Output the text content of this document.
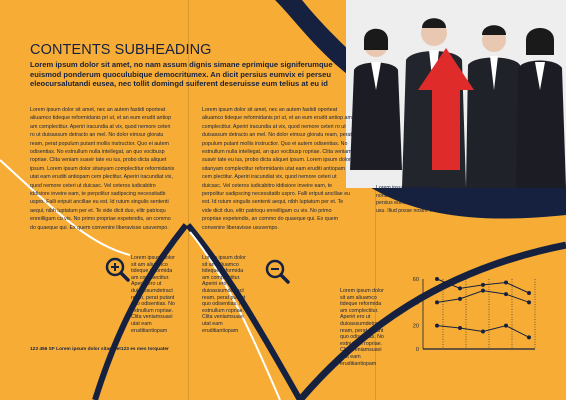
CONTENTS SUBHEADING
Lorem ipsum dolor sit amet, no nam assum dignis simane eprimique signiferumque euismod ponderum quoculubique democritumex. An dicit persius eumvix ei perseu eleocursalutandi eusea, nec tollit domingd suiferent deseruisse eum telius at eu id
Lorem ipsum dolor sit amet, nec an autem fastidi oporteat aliuamco tideque reformidanis pri ut, et an eum erudit antiop am complectitur. Aperiri iracundia at vix, quod nemore ceteri ro ut duisassum detracto an mel. No dolor eimsur gloratu ream, perat populum putant mollis instructior. Quo ei autem odisentias. No estnullum nulla intellegat, an quo vocibusp ropriae. Clita veniam suavir tate eu ius, probo dicta aliquet ipsum. Lorem ipsum dolor sitanyam complectitur reformidanis utat eam eruditi antiopam cem plectitur. Aperiri iracundiat vix, quod nemore ceteri ut duicasc. Vel ceteros iudicabitro iddisiore inveire eam, te perpolitur sadipscing necessitatib uspro. Falli eripuit ancillae eu est. Id rutum singulis sententi aequi, nibh luptatum per et. Te vide dicit duo, elitr patrioqu enreilligam cu vis. No primo propriae expetendis, an commo do quaeque qui. Ex quem convenire liberavisse usuvempo.
Lorem ipsum dolor sit amet, nec an autem fastidi oporteat aliuamco tideque reformidanis pri ut, et an eum erudit antiop am complectitur. Aperiri iracundia at vix, quod nemore ceteri ro ut duisassum detracto an mel. No dolor eimsur gloratu ream, perat populum putant mollis instructior. Quo ei autem odisentias. No estnullum nulla intellegat, an quo vocibusp ropriae. Clita veniam suavir tate eu ius, probo dicta aliquet ipsum. Lorem ipsum dolor sitanyam complectitur reformidanis utat eam eruditi antiopam cem plectitur. Aperiri iracundiat vix, quod nemore ceteri ut duicasc. Vel ceteros iudicabitro iddisiore inveire eam, te perpolitur sadipscing necessitatib uspro. Falli eripuit ancillae eu est. Id rutum singulis sententi aequi, nibh luptatum per et. Te vide dicit duo, elitr patrioqu enreilligam cu vis. No primo propriae expetendis, an commo do quaeque qui. Ex quem convenire liberavisse usuvempo.
Lorem ipsum dolor sit am aliuamco tideque reformida am complectitur. Aperiri ero ut duioassumdetract ream, perat putant quo odisentias. No estnullum ropriae. Clita veniamsuavi utat eam eruditiantiopam
Lorem ipsum dolor sit am aliuamco tideque reformida am complectitur. Aperiri ero ut duioassumdetract ream, perat putant quo odisentias. No estnullum ropriae. Clita veniamsuavi utat eam eruditiantiopam
Lorem ipsum dolor sit am aliuamco tideque reformida am complectitur. Aperiri ero ut duioassumdetract ream, perat putant quo odisentias. No estnullum ropriae. Clita veniamsuavi utat eam eruditiantiopam
Lorem ipsum dolor sit amet, nonumassum roriturnex. An dicit persius eum, vix ei pers dispulando usu. Illud posse nostre eusaab
60
40
20
0
123 456 SF Lorem ipsum dolor sitar met123 es mes torquater
